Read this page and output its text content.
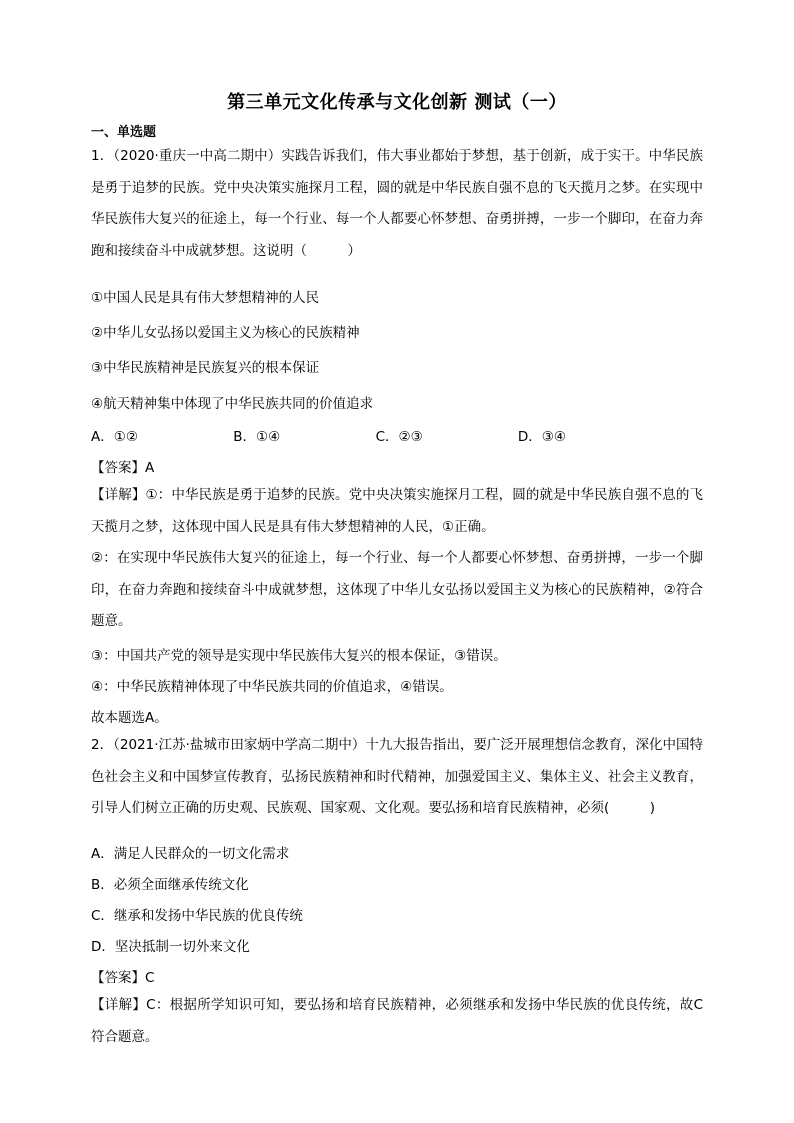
第三单元文化传承与文化创新 测试（一）
一、单选题
1．（2020·重庆一中高二期中）实践告诉我们，伟大事业都始于梦想，基于创新，成于实干。中华民族是勇于追梦的民族。党中央决策实施探月工程，圆的就是中华民族自强不息的飞天揽月之梦。在实现中华民族伟大复兴的征途上，每一个行业、每一个人都要心怀梦想、奋勇拼搏，一步一个脚印，在奋力奔跑和接续奋斗中成就梦想。这说明（　　　）
①中国人民是具有伟大梦想精神的人民
②中华儿女弘扬以爱国主义为核心的民族精神
③中华民族精神是民族复兴的根本保证
④航天精神集中体现了中华民族共同的价值追求
A．①②	B．①④	C．②③	D．③④
【答案】A
【详解】①：中华民族是勇于追梦的民族。党中央决策实施探月工程，圆的就是中华民族自强不息的飞天揽月之梦，这体现中国人民是具有伟大梦想精神的人民，①正确。
②：在实现中华民族伟大复兴的征途上，每一个行业、每一个人都要心怀梦想、奋勇拼搏，一步一个脚印，在奋力奔跑和接续奋斗中成就梦想，这体现了中华儿女弘扬以爱国主义为核心的民族精神，②符合题意。
③：中国共产党的领导是实现中华民族伟大复兴的根本保证，③错误。
④：中华民族精神体现了中华民族共同的价值追求，④错误。
故本题选A。
2．（2021·江苏·盐城市田家炳中学高二期中）十九大报告指出，要广泛开展理想信念教育，深化中国特色社会主义和中国梦宣传教育，弘扬民族精神和时代精神，加强爱国主义、集体主义、社会主义教育，引导人们树立正确的历史观、民族观、国家观、文化观。要弘扬和培育民族精神，必须(　　　)
A．满足人民群众的一切文化需求
B．必须全面继承传统文化
C．继承和发扬中华民族的优良传统
D．坚决抵制一切外来文化
【答案】C
【详解】C：根据所学知识可知，要弘扬和培育民族精神，必须继承和发扬中华民族的优良传统，故C符合题意。
